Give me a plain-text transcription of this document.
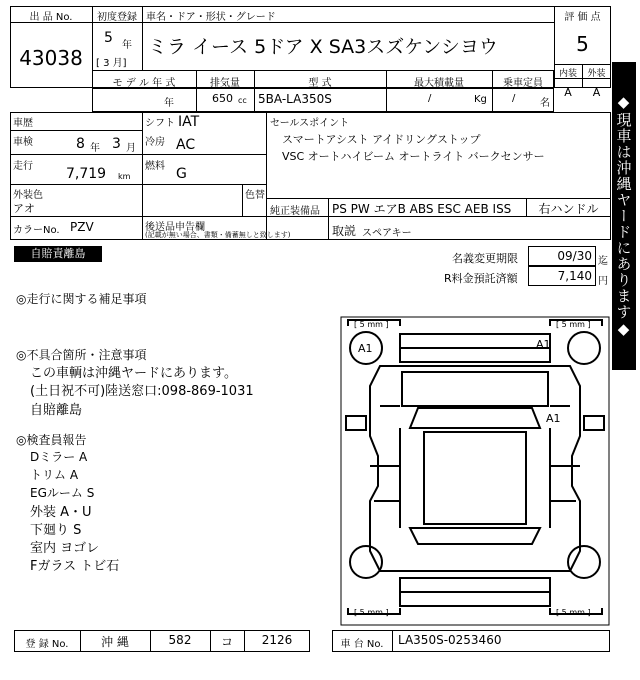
出 品 No.
43038
初度登録
5 年
[ 3 月]
車名・ドア・形状・グレード
ミラ イース 5ドア X SA3スズケンシヨウ
評 価 点
5
内装	外装
A	A
モ デ ル 年 式
年
排気量
650 cc
型 式
5BA-LA350S
最大積載量
/	Kg
乗車定員
/ 名
車歴
車検	8 年 3 月
走行 7,719 km
シフト IAT
冷房 AC
燃料 G
外装色
アオ
色替
カラーNo. PZV	後送品申告欄
(記載が無い場合、書類・備蓄無しと致します)
セールスポイント
スマートアシスト アイドリングストップ
VSC オートハイビーム オートライト バークセンサー
純正装備品 PS PW エアB ABS ESC AEB ISS	右ハンドル
取説 スペアキー
自賠責離島	名義変更期限	09/30 迄
R料金預託済額	7,140 円
◎走行に関する補足事項
◎不具合箇所・注意事項
この車輌は沖縄ヤードにあります。
(土日祝不可)陸送窓口:098-869-1031
自賠離島
◎検査員報告
Dミラー A
トリム A
EGルーム S
外装 A・U
下廻り S
室内 ヨゴレ
Fガラス トビ石
[ 5 mm ]	[ 5 mm ]
[ 5 mm ]	[ 5 mm ]
A1	A1
A1
◆現車は沖縄ヤードにあります◆
登 録 No.	沖 縄	582	コ	2126	車 台 No.	LA350S-0253460
